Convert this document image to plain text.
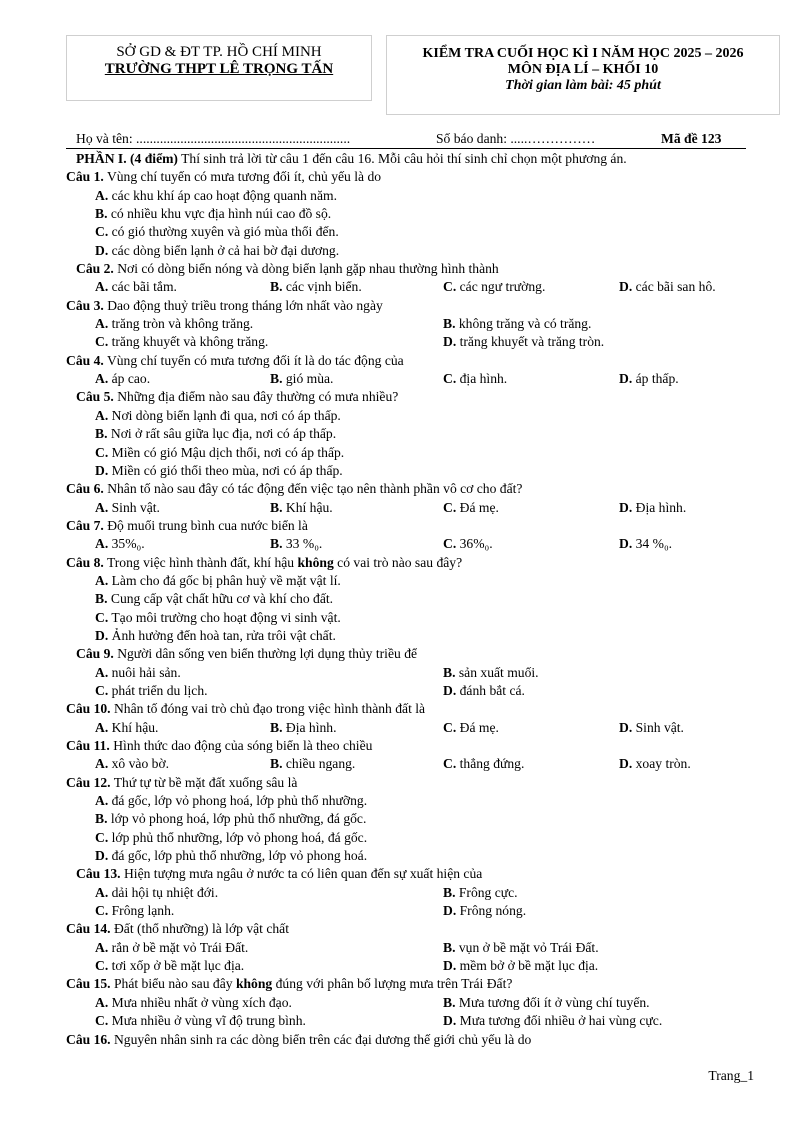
SỞ GD & ĐT TP. HỒ CHÍ MINH
TRƯỜNG THPT LÊ TRỌNG TẤN
KIỂM TRA CUỐI HỌC KÌ I NĂM HỌC 2025 – 2026
MÔN ĐỊA LÍ – KHỐI 10
Thời gian làm bài: 45 phút
Họ và tên: ...............................................................	Số báo danh: .....……………	Mã đề 123
PHẦN I. (4 điểm) Thí sinh trả lời từ câu 1 đến câu 16. Mỗi câu hỏi thí sinh chỉ chọn một phương án.
Câu 1. Vùng chí tuyến có mưa tương đối ít, chủ yếu là do
A. các khu khí áp cao hoạt động quanh năm.
B. có nhiều khu vực địa hình núi cao đồ sộ.
C. có gió thường xuyên và gió mùa thổi đến.
D. các dòng biển lạnh ở cả hai bờ đại dương.
Câu 2. Nơi có dòng biển nóng và dòng biển lạnh gặp nhau thường hình thành
A. các bãi tắm.	B. các vịnh biển.	C. các ngư trường.	D. các bãi san hô.
Câu 3. Dao động thuỷ triều trong tháng lớn nhất vào ngày
A. trăng tròn và không trăng.	B. không trăng và có trăng.
C. trăng khuyết và không trăng.	D. trăng khuyết và trăng tròn.
Câu 4. Vùng chí tuyến có mưa tương đối ít là do tác động của
A. áp cao.	B. gió mùa.	C. địa hình.	D. áp thấp.
Câu 5. Những địa điểm nào sau đây thường có mưa nhiều?
A. Nơi dòng biển lạnh đi qua, nơi có áp thấp.
B. Nơi ở rất sâu giữa lục địa, nơi có áp thấp.
C. Miền có gió Mậu dịch thổi, nơi có áp thấp.
D. Miền có gió thổi theo mùa, nơi có áp thấp.
Câu 6. Nhân tố nào sau đây có tác động đến việc tạo nên thành phần vô cơ cho đất?
A. Sinh vật.	B. Khí hậu.	C. Đá mẹ.	D. Địa hình.
Câu 7. Độ muối trung bình cua nước biển là
A. 35%₀.	B. 33 %₀.	C. 36%₀.	D. 34 %₀.
Câu 8. Trong việc hình thành đất, khí hậu không có vai trò nào sau đây?
A. Làm cho đá gốc bị phân huỷ về mặt vật lí.
B. Cung cấp vật chất hữu cơ và khí cho đất.
C. Tạo môi trường cho hoạt động vi sinh vật.
D. Ảnh hưởng đến hoà tan, rửa trôi vật chất.
Câu 9. Người dân sống ven biển thường lợi dụng thủy triều để
A. nuôi hải sản.	B. sản xuất muối.
C. phát triển du lịch.	D. đánh bắt cá.
Câu 10. Nhân tố đóng vai trò chủ đạo trong việc hình thành đất là
A. Khí hậu.	B. Địa hình.	C. Đá mẹ.	D. Sinh vật.
Câu 11. Hình thức dao động của sóng biển là theo chiều
A. xô vào bờ.	B. chiều ngang.	C. thẳng đứng.	D. xoay tròn.
Câu 12. Thứ tự từ bề mặt đất xuống sâu là
A. đá gốc, lớp vỏ phong hoá, lớp phủ thổ nhưỡng.
B. lớp vỏ phong hoá, lớp phủ thổ nhưỡng, đá gốc.
C. lớp phủ thổ nhưỡng, lớp vỏ phong hoá, đá gốc.
D. đá gốc, lớp phủ thổ nhưỡng, lớp vỏ phong hoá.
Câu 13. Hiện tượng mưa ngâu ở nước ta có liên quan đến sự xuất hiện của
A. dải hội tụ nhiệt đới.	B. Frông cực.
C. Frông lạnh.	D. Frông nóng.
Câu 14. Đất (thổ nhưỡng) là lớp vật chất
A. rắn ở bề mặt vỏ Trái Đất.	B. vụn ở bề mặt vỏ Trái Đất.
C. tơi xốp ở bề mặt lục địa.	D. mềm bở ở bề mặt lục địa.
Câu 15. Phát biểu nào sau đây không đúng với phân bố lượng mưa trên Trái Đất?
A. Mưa nhiều nhất ở vùng xích đạo.	B. Mưa tương đối ít ở vùng chí tuyến.
C. Mưa nhiều ở vùng vĩ độ trung bình.	D. Mưa tương đối nhiều ở hai vùng cực.
Câu 16. Nguyên nhân sinh ra các dòng biển trên các đại dương thế giới chủ yếu là do
Trang_1
